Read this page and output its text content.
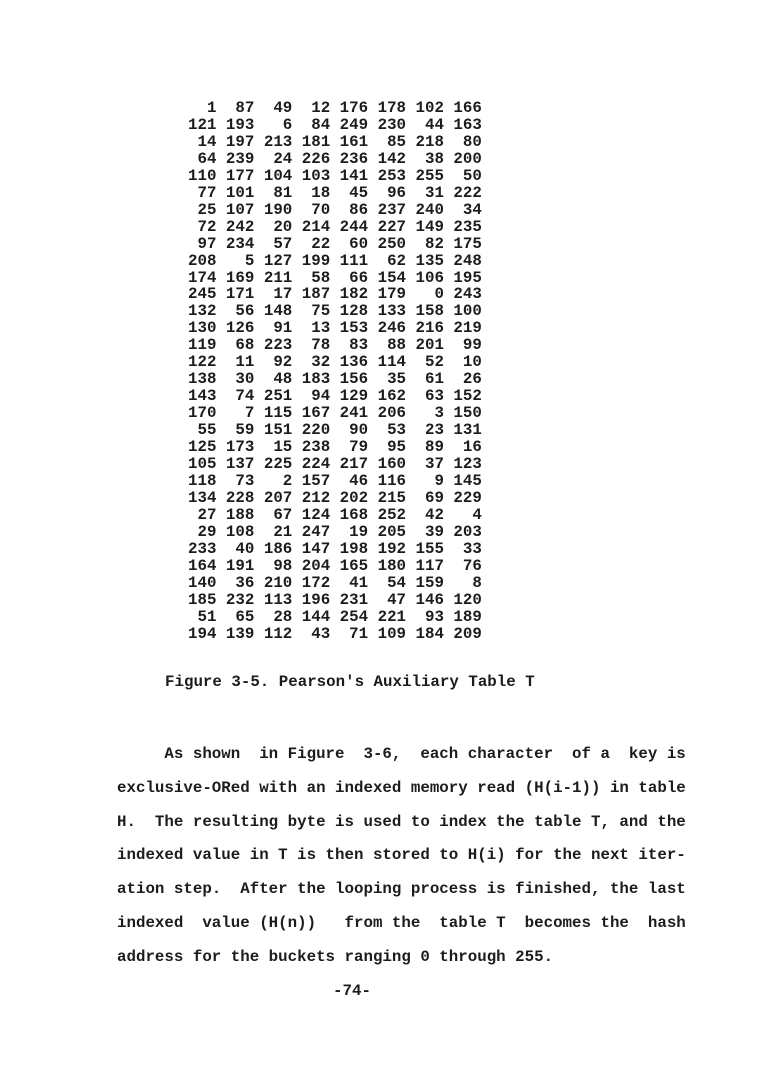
1  87  49  12 176 178 102 166
121 193   6  84 249 230  44 163
14 197 213 181 161  85 218  80
64 239  24 226 236 142  38 200
110 177 104 103 141 253 255  50
77 101  81  18  45  96  31 222
25 107 190  70  86 237 240  34
72 242  20 214 244 227 149 235
97 234  57  22  60 250  82 175
208   5 127 199 111  62 135 248
174 169 211  58  66 154 106 195
245 171  17 187 182 179   0 243
132  56 148  75 128 133 158 100
130 126  91  13 153 246 216 219
119  68 223  78  83  88 201  99
122  11  92  32 136 114  52  10
138  30  48 183 156  35  61  26
143  74 251  94 129 162  63 152
170   7 115 167 241 206   3 150
55  59 151 220  90  53  23 131
125 173  15 238  79  95  89  16
105 137 225 224 217 160  37 123
118  73   2 157  46 116   9 145
134 228 207 212 202 215  69 229
27 188  67 124 168 252  42   4
29 108  21 247  19 205  39 203
233  40 186 147 198 192 155  33
164 191  98 204 165 180 117  76
140  36 210 172  41  54 159   8
185 232 113 196 231  47 146 120
51  65  28 144 254 221  93 189
194 139 112  43  71 109 184 209
Figure 3-5. Pearson's Auxiliary Table T
As shown  in Figure  3-6,  each character  of a  key is
exclusive-ORed with an indexed memory read (H(i-1)) in table
H.  The resulting byte is used to index the table T, and the
indexed value in T is then stored to H(i) for the next iter-
ation step.  After the looping process is finished, the last
indexed  value (H(n))   from the  table T  becomes the  hash
address for the buckets ranging 0 through 255.
-74-
